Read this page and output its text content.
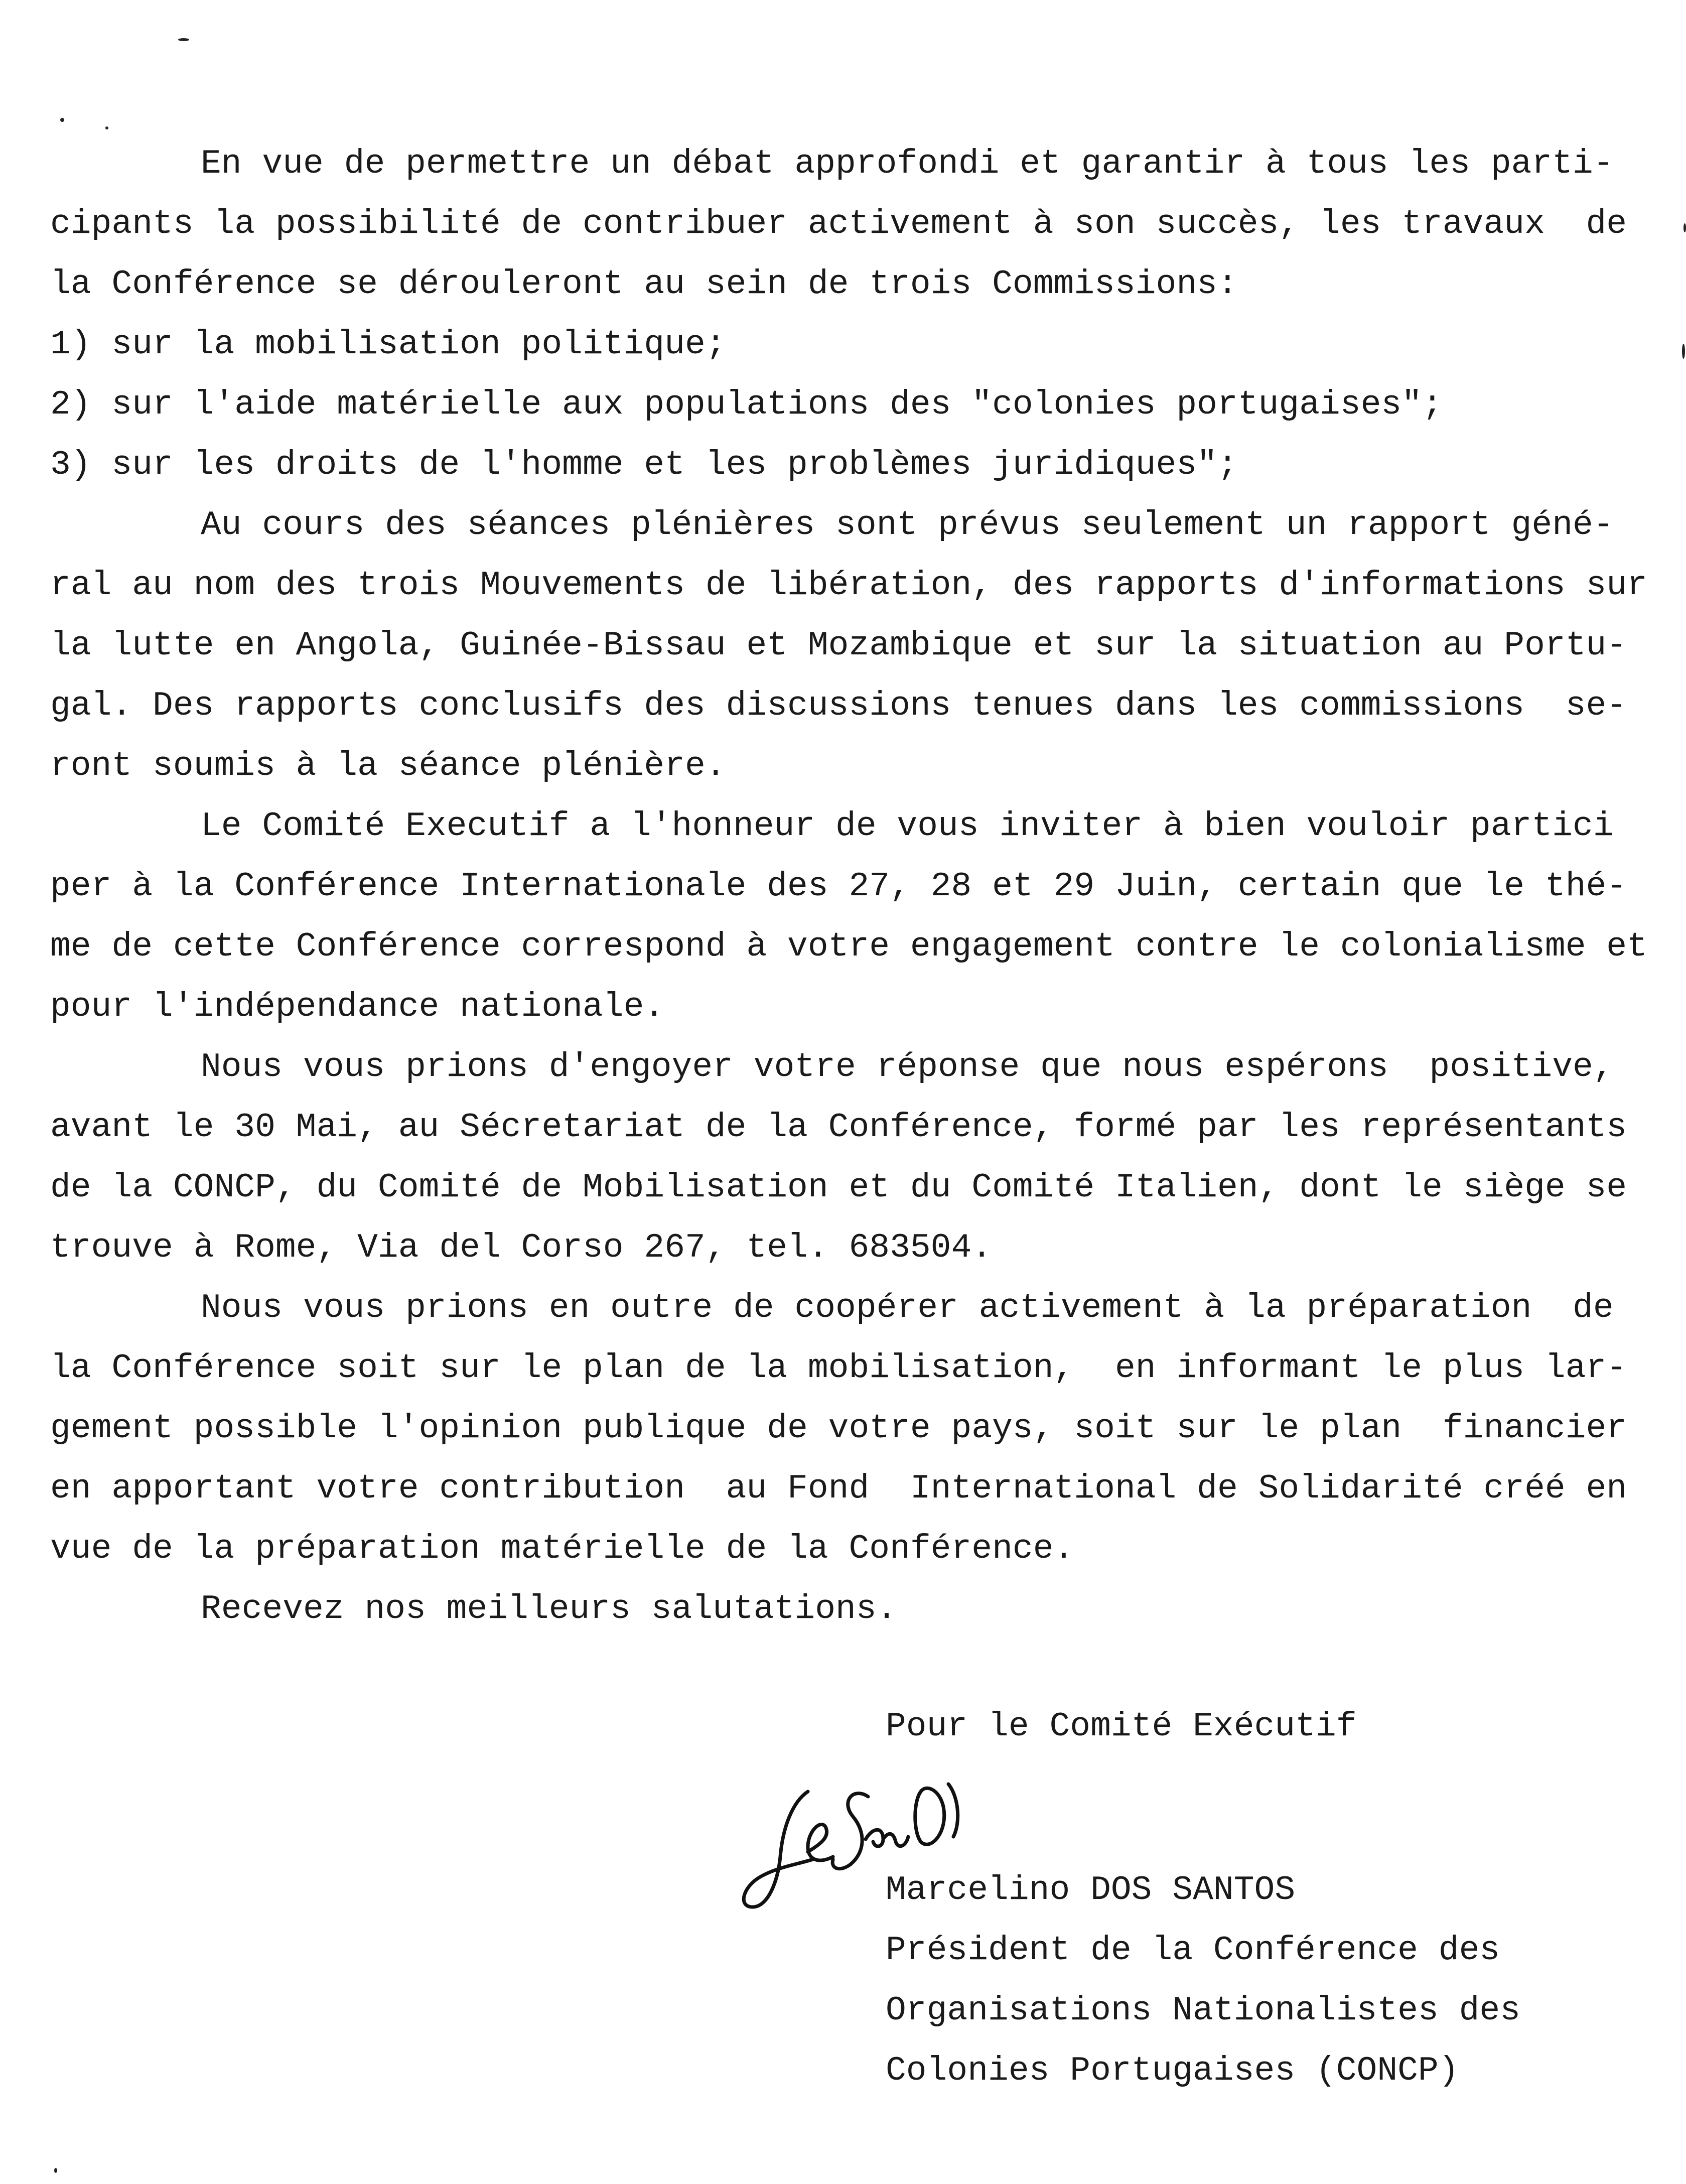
En vue de permettre un débat approfondi et garantir à tous les parti-
cipants la possibilité de contribuer activement à son succès, les travaux  de
la Conférence se dérouleront au sein de trois Commissions:
1) sur la mobilisation politique;
2) sur l'aide matérielle aux populations des "colonies portugaises";
3) sur les droits de l'homme et les problèmes juridiques";
Au cours des séances plénières sont prévus seulement un rapport géné-
ral au nom des trois Mouvements de libération, des rapports d'informations sur
la lutte en Angola, Guinée-Bissau et Mozambique et sur la situation au Portu-
gal. Des rapports conclusifs des discussions tenues dans les commissions  se-
ront soumis à la séance plénière.
Le Comité Executif a l'honneur de vous inviter à bien vouloir partici
per à la Conférence Internationale des 27, 28 et 29 Juin, certain que le thé-
me de cette Conférence correspond à votre engagement contre le colonialisme et
pour l'indépendance nationale.
Nous vous prions d'engoyer votre réponse que nous espérons  positive,
avant le 30 Mai, au Sécretariat de la Conférence, formé par les représentants
de la CONCP, du Comité de Mobilisation et du Comité Italien, dont le siège se
trouve à Rome, Via del Corso 267, tel. 683504.
Nous vous prions en outre de coopérer activement à la préparation  de
la Conférence soit sur le plan de la mobilisation,  en informant le plus lar-
gement possible l'opinion publique de votre pays, soit sur le plan  financier
en apportant votre contribution  au Fond  International de Solidarité créé en
vue de la préparation matérielle de la Conférence.
Recevez nos meilleurs salutations.
Pour le Comité Exécutif
Marcelino DOS SANTOS
Président de la Conférence des
Organisations Nationalistes des
Colonies Portugaises (CONCP)
